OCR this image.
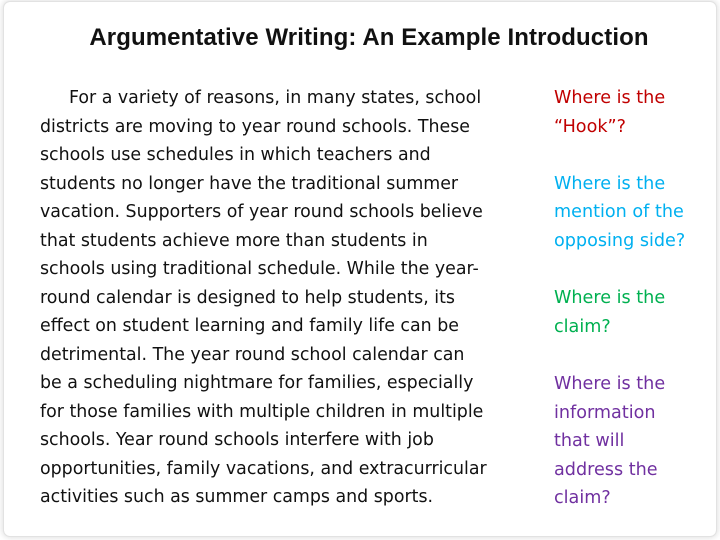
Argumentative Writing: An Example Introduction
For a variety of reasons, in many states, school
districts are moving to year round schools. These
schools use schedules in which teachers and
students no longer have the traditional summer
vacation. Supporters of year round schools believe
that students achieve more than students in
schools using traditional schedule. While the year-
round calendar is designed to help students, its
effect on student learning and family life can be
detrimental. The year round school calendar can
be a scheduling nightmare for families, especially
for those families with multiple children in multiple
schools. Year round schools interfere with job
opportunities, family vacations, and extracurricular
activities such as summer camps and sports.
Where is the
“Hook”?
Where is the
mention of the
opposing side?
Where is the
claim?
Where is the
information
that will
address the
claim?
